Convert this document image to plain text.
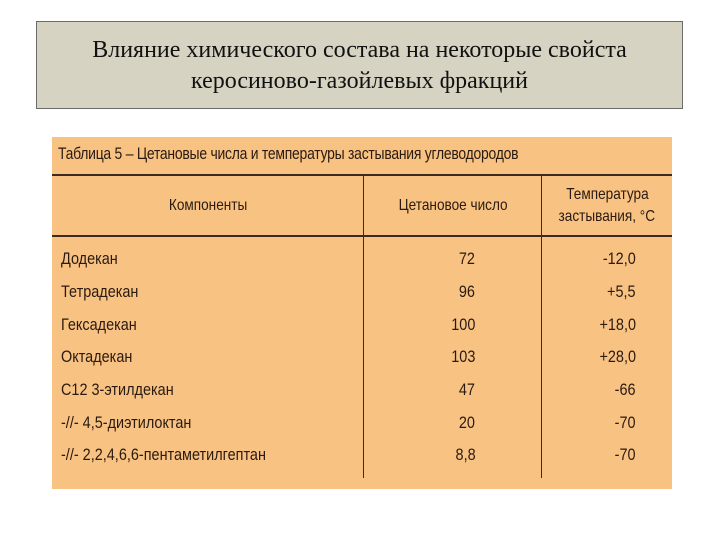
Влияние химического состава на некоторые свойста
керосиново-газойлевых фракций
Таблица 5 – Цетановые числа и температуры застывания углеводородов
Компоненты	Цетановое число	Температура
застывания, °С
Додекан	72	-12,0
Тетрадекан	96	+5,5
Гексадекан	100	+18,0
Октадекан	103	+28,0
С12 3-этилдекан	47	-66
-//- 4,5-диэтилоктан	20	-70
-//- 2,2,4,6,6-пентаметилгептан	8,8	-70
